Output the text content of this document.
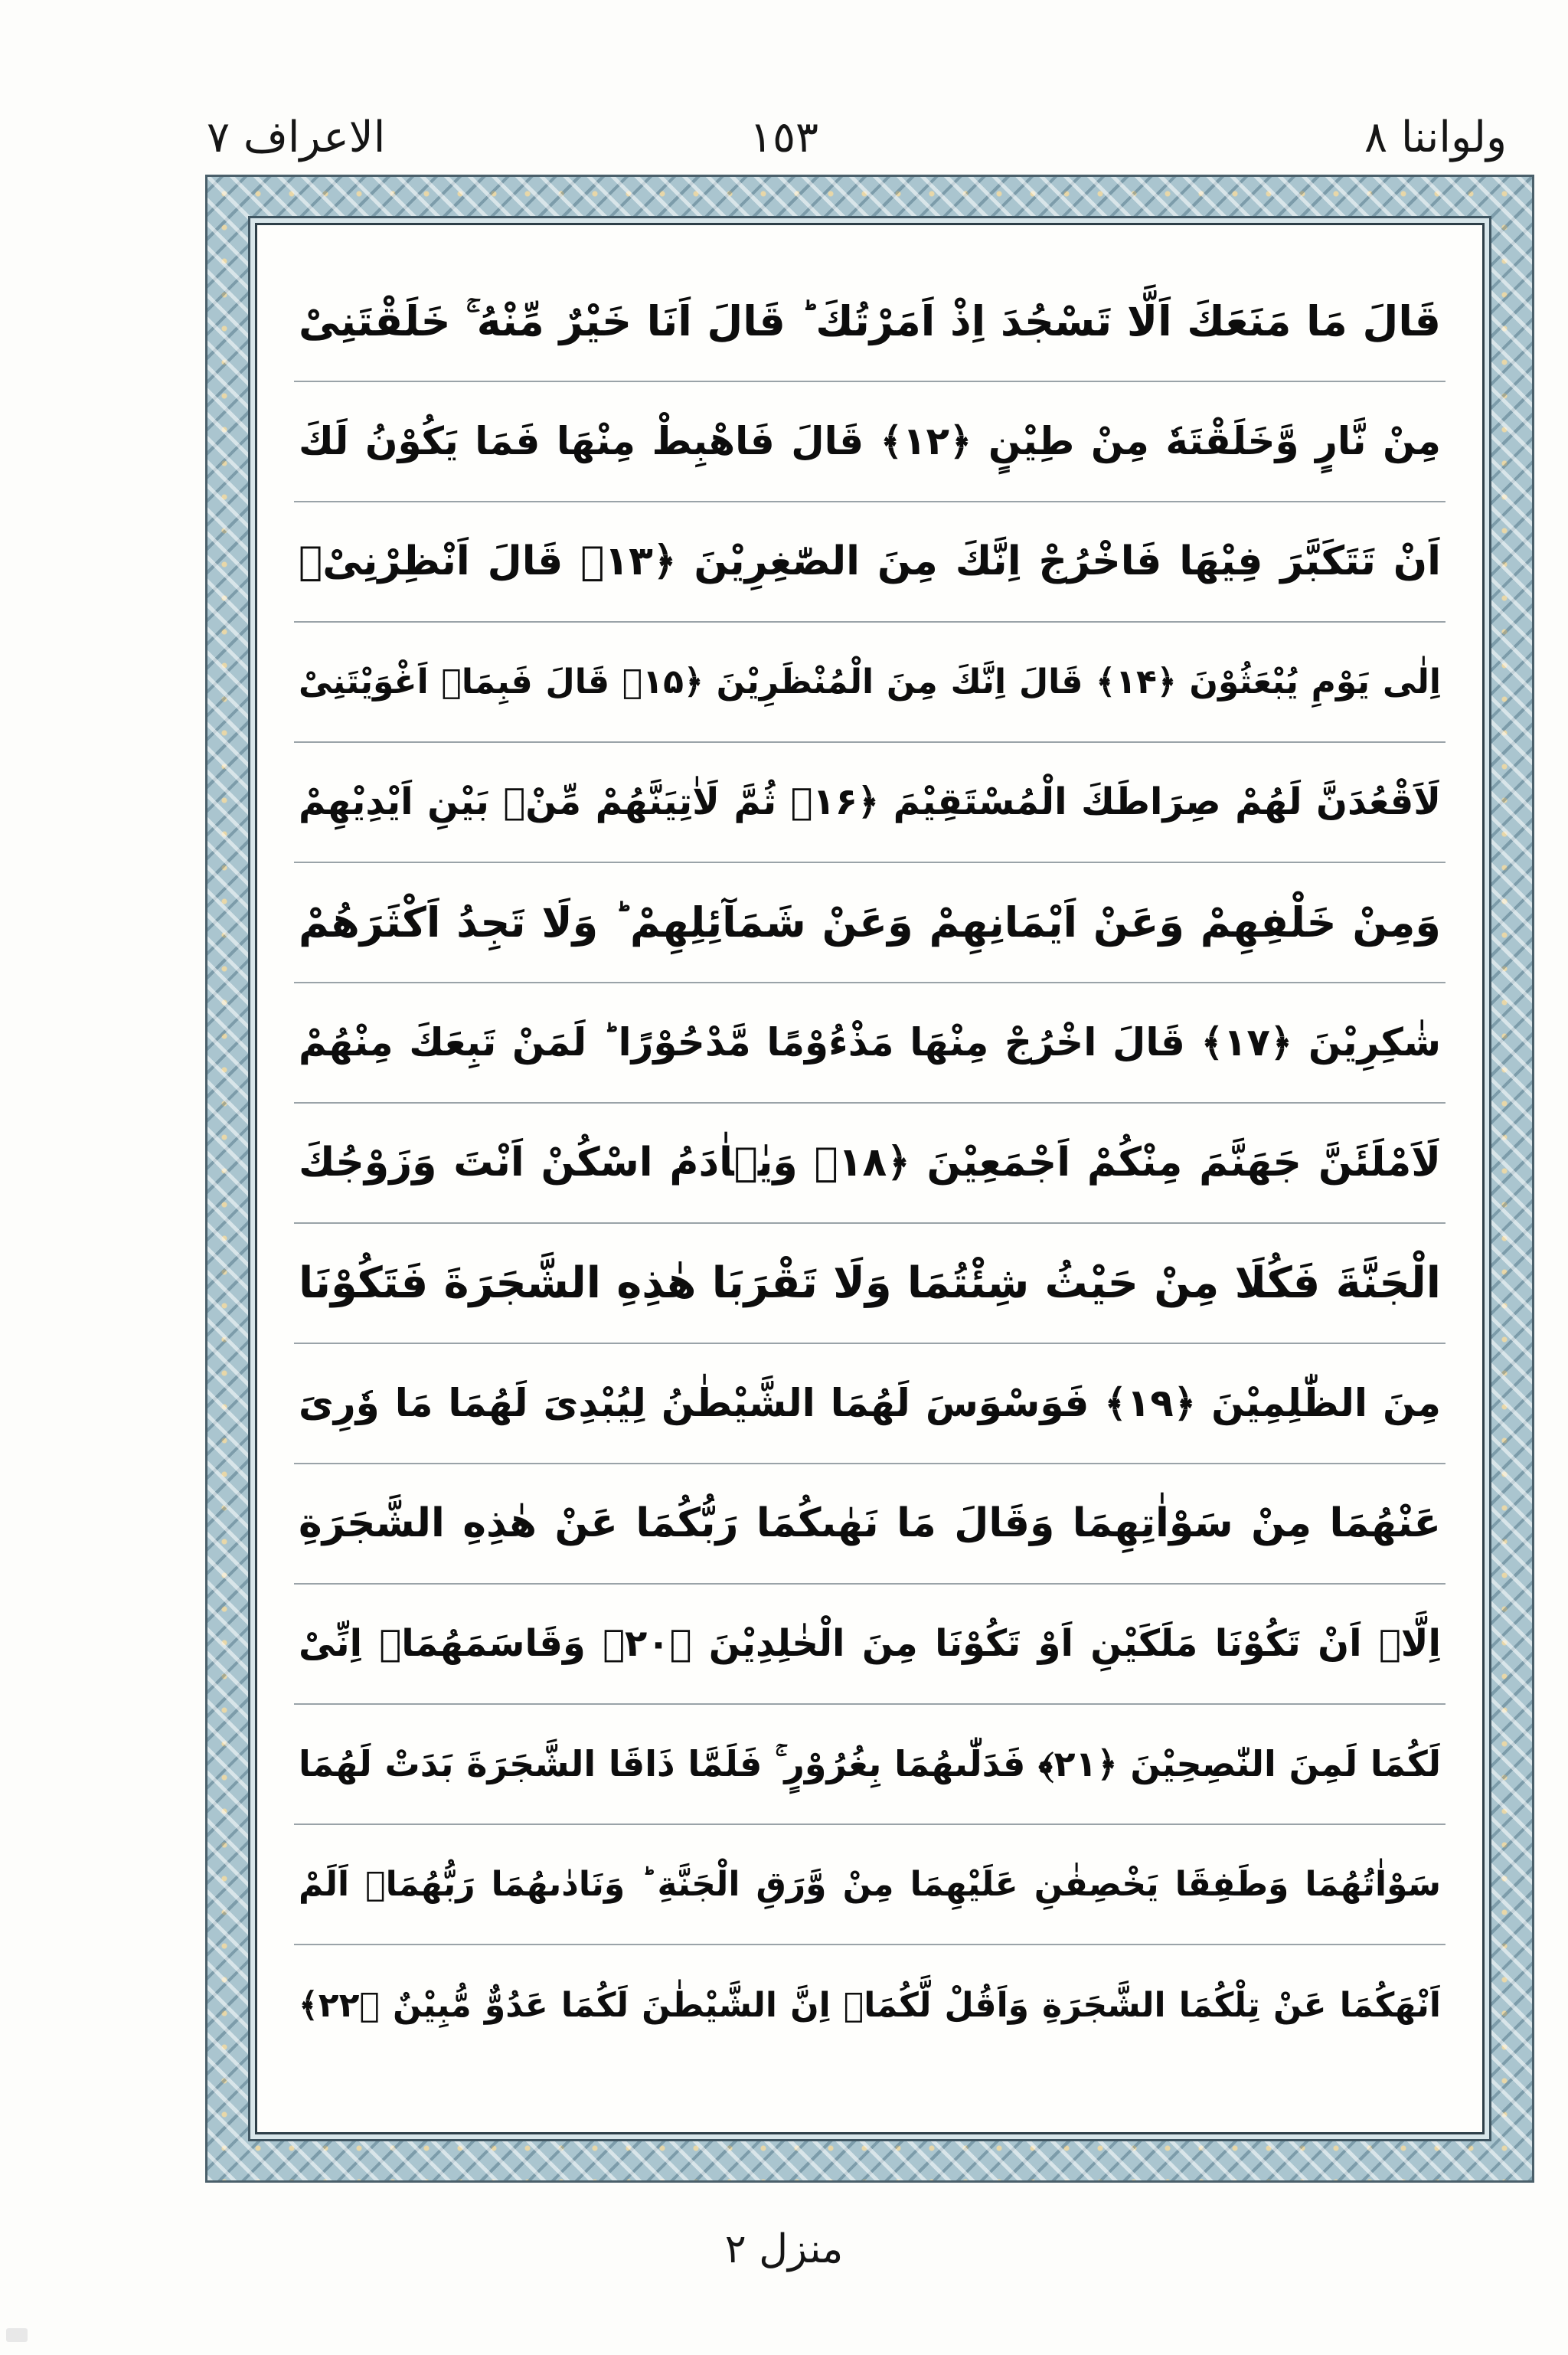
ولواننا ٨
١٥٣
الاعراف ٧
قَالَ مَا مَنَعَكَ اَلَّا تَسْجُدَ اِذْ اَمَرْتُكَ ؕ قَالَ اَنَا خَيْرٌ مِّنْهُ ۚ خَلَقْتَنِیْ
مِنْ نَّارٍ وَّخَلَقْتَهٗ مِنْ طِيْنٍ ﴿۱۲﴾ قَالَ فَاهْبِطْ مِنْهَا فَمَا يَكُوْنُ لَكَ
اَنْ تَتَكَبَّرَ فِيْهَا فَاخْرُجْ اِنَّكَ مِنَ الصّٰغِرِيْنَ ﴿۱۳﴾ قَالَ اَنْظِرْنِیْۤ
اِلٰى يَوْمِ يُبْعَثُوْنَ ﴿۱۴﴾ قَالَ اِنَّكَ مِنَ الْمُنْظَرِيْنَ ﴿۱۵﴾ قَالَ فَبِمَاۤ اَغْوَيْتَنِیْ
لَاَقْعُدَنَّ لَهُمْ صِرَاطَكَ الْمُسْتَقِيْمَ ﴿۱۶﴾ ثُمَّ لَاٰتِيَنَّهُمْ مِّنْۢ بَيْنِ اَيْدِيْهِمْ
وَمِنْ خَلْفِهِمْ وَعَنْ اَيْمَانِهِمْ وَعَنْ شَمَآئِلِهِمْ ؕ وَلَا تَجِدُ اَكْثَرَهُمْ
شٰكِرِيْنَ ﴿۱۷﴾ قَالَ اخْرُجْ مِنْهَا مَذْءُوْمًا مَّدْحُوْرًا ؕ لَمَنْ تَبِعَكَ مِنْهُمْ
لَاَمْلَئَنَّ جَهَنَّمَ مِنْكُمْ اَجْمَعِيْنَ ﴿۱۸﴾ وَيٰۤاٰدَمُ اسْكُنْ اَنْتَ وَزَوْجُكَ
الْجَنَّةَ فَكُلَا مِنْ حَيْثُ شِئْتُمَا وَلَا تَقْرَبَا هٰذِهِ الشَّجَرَةَ فَتَكُوْنَا
مِنَ الظّٰلِمِيْنَ ﴿۱۹﴾ فَوَسْوَسَ لَهُمَا الشَّيْطٰنُ لِيُبْدِیَ لَهُمَا مَا وٗرِیَ
عَنْهُمَا مِنْ سَوْاٰتِهِمَا وَقَالَ مَا نَهٰىكُمَا رَبُّكُمَا عَنْ هٰذِهِ الشَّجَرَةِ
اِلَّاۤ اَنْ تَكُوْنَا مَلَكَيْنِ اَوْ تَكُوْنَا مِنَ الْخٰلِدِيْنَ ﴿۲۰﴾ وَقَاسَمَهُمَاۤ اِنِّیْ
لَكُمَا لَمِنَ النّٰصِحِيْنَ ﴿۲۱﴾ فَدَلّٰىهُمَا بِغُرُوْرٍ ۚ فَلَمَّا ذَاقَا الشَّجَرَةَ بَدَتْ لَهُمَا
سَوْاٰتُهُمَا وَطَفِقَا يَخْصِفٰنِ عَلَيْهِمَا مِنْ وَّرَقِ الْجَنَّةِ ؕ وَنَادٰىهُمَا رَبُّهُمَاۤ اَلَمْ
اَنْهَكُمَا عَنْ تِلْكُمَا الشَّجَرَةِ وَاَقُلْ لَّكُمَاۤ اِنَّ الشَّيْطٰنَ لَكُمَا عَدُوٌّ مُّبِيْنٌ ﴿۲۲﴾
منزل ٢
